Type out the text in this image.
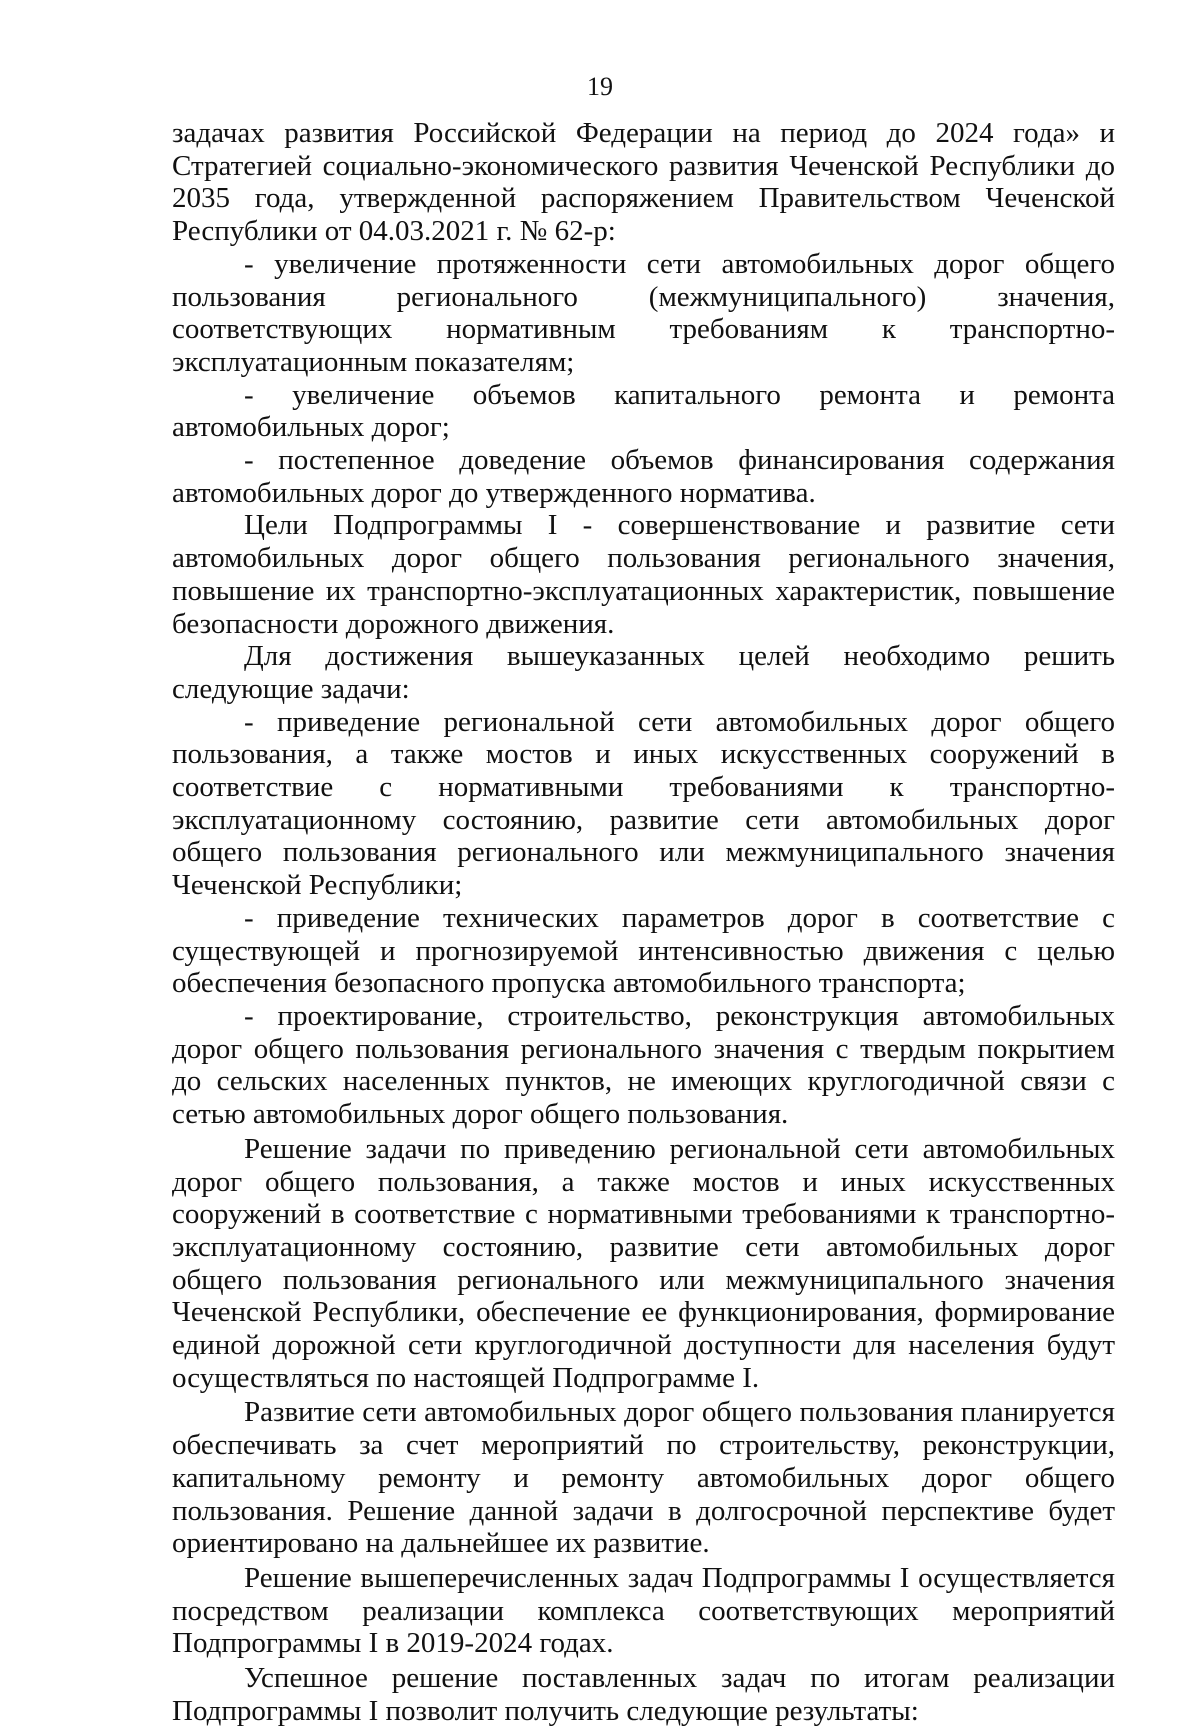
19

задачах развития Российской Федерации на период до 2024 года» и Стратегией социально-экономического развития Чеченской Республики до 2035 года, утвержденной распоряжением Правительством Чеченской Республики от 04.03.2021 г. № 62-р:

- увеличение протяженности сети автомобильных дорог общего пользования регионального (межмуниципального) значения, соответствующих нормативным требованиям к транспортно-эксплуатационным показателям;

- увеличение объемов капитального ремонта и ремонта автомобильных дорог;

- постепенное доведение объемов финансирования содержания автомобильных дорог до утвержденного норматива.

Цели Подпрограммы I - совершенствование и развитие сети автомобильных дорог общего пользования регионального значения, повышение их транспортно-эксплуатационных характеристик, повышение безопасности дорожного движения.

Для достижения вышеуказанных целей необходимо решить следующие задачи:

- приведение региональной сети автомобильных дорог общего пользования, а также мостов и иных искусственных сооружений в соответствие с нормативными требованиями к транспортно-эксплуатационному состоянию, развитие сети автомобильных дорог общего пользования регионального или межмуниципального значения Чеченской Республики;

- приведение технических параметров дорог в соответствие с существующей и прогнозируемой интенсивностью движения с целью обеспечения безопасного пропуска автомобильного транспорта;

- проектирование, строительство, реконструкция автомобильных дорог общего пользования регионального значения с твердым покрытием до сельских населенных пунктов, не имеющих круглогодичной связи с сетью автомобильных дорог общего пользования.

Решение задачи по приведению региональной сети автомобильных дорог общего пользования, а также мостов и иных искусственных сооружений в соответствие с нормативными требованиями к транспортно-эксплуатационному состоянию, развитие сети автомобильных дорог общего пользования регионального или межмуниципального значения Чеченской Республики, обеспечение ее функционирования, формирование единой дорожной сети круглогодичной доступности для населения будут осуществляться по настоящей Подпрограмме I.

Развитие сети автомобильных дорог общего пользования планируется обеспечивать за счет мероприятий по строительству, реконструкции, капитальному ремонту и ремонту автомобильных дорог общего пользования. Решение данной задачи в долгосрочной перспективе будет ориентировано на дальнейшее их развитие.

Решение вышеперечисленных задач Подпрограммы I осуществляется посредством реализации комплекса соответствующих мероприятий Подпрограммы I в 2019-2024 годах.

Успешное решение поставленных задач по итогам реализации Подпрограммы I позволит получить следующие результаты:
